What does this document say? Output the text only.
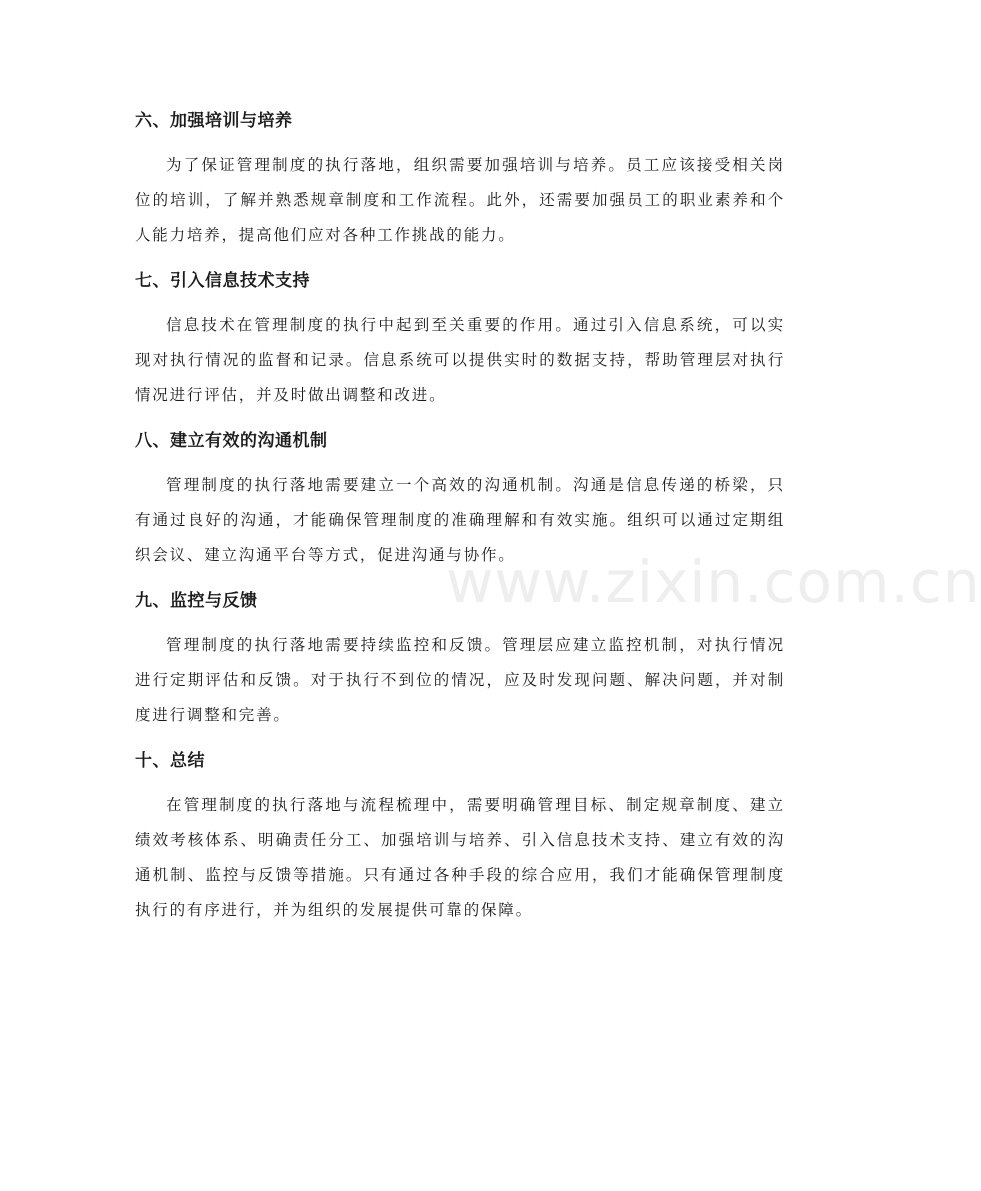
六、加强培训与培养

为了保证管理制度的执行落地，组织需要加强培训与培养。员工应该接受相关岗位的培训，了解并熟悉规章制度和工作流程。此外，还需要加强员工的职业素养和个人能力培养，提高他们应对各种工作挑战的能力。

七、引入信息技术支持

信息技术在管理制度的执行中起到至关重要的作用。通过引入信息系统，可以实现对执行情况的监督和记录。信息系统可以提供实时的数据支持，帮助管理层对执行情况进行评估，并及时做出调整和改进。

八、建立有效的沟通机制

管理制度的执行落地需要建立一个高效的沟通机制。沟通是信息传递的桥梁，只有通过良好的沟通，才能确保管理制度的准确理解和有效实施。组织可以通过定期组织会议、建立沟通平台等方式，促进沟通与协作。

九、监控与反馈

管理制度的执行落地需要持续监控和反馈。管理层应建立监控机制，对执行情况进行定期评估和反馈。对于执行不到位的情况，应及时发现问题、解决问题，并对制度进行调整和完善。

十、总结

在管理制度的执行落地与流程梳理中，需要明确管理目标、制定规章制度、建立绩效考核体系、明确责任分工、加强培训与培养、引入信息技术支持、建立有效的沟通机制、监控与反馈等措施。只有通过各种手段的综合应用，我们才能确保管理制度执行的有序进行，并为组织的发展提供可靠的保障。

www.zixin.com.cn
